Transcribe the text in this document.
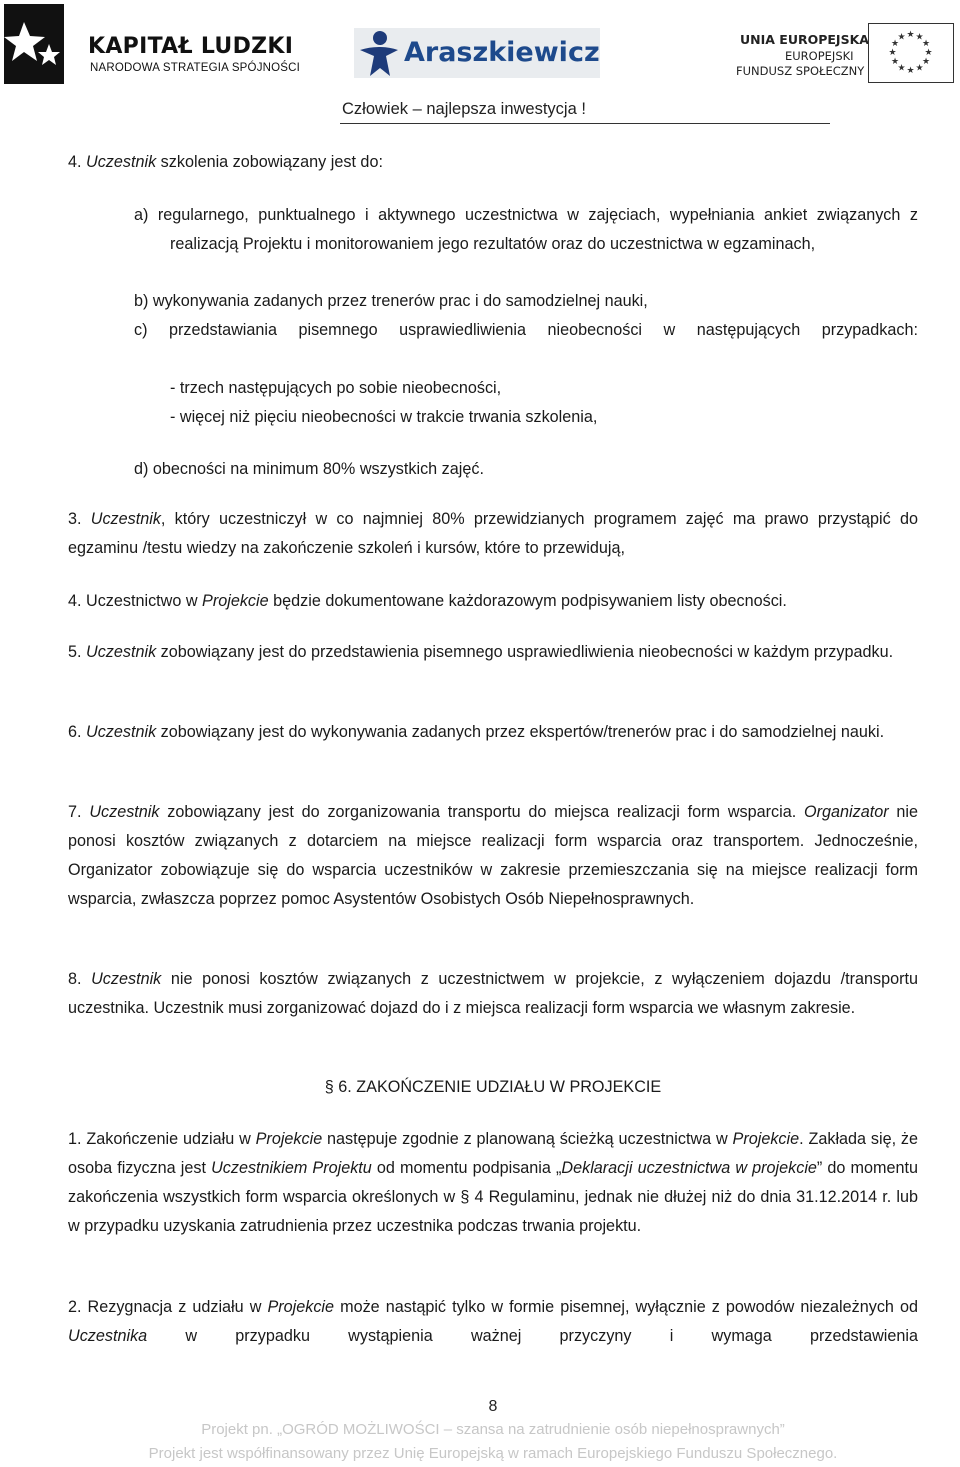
KAPITAŁ LUDZKI
NARODOWA STRATEGIA SPÓJNOŚCI	Araszkiewicz	UNIA EUROPEJSKA
EUROPEJSKI
FUNDUSZ SPOŁECZNY
★ ★
★
★
★
★
★
★
★
★
★
★
Człowiek – najlepsza inwestycja !
4. Uczestnik szkolenia zobowiązany jest do:
a) regularnego, punktualnego i aktywnego uczestnictwa w zajęciach, wypełniania ankiet związanych z realizacją Projektu i monitorowaniem jego rezultatów oraz do uczestnictwa w egzaminach,
b) wykonywania zadanych przez trenerów prac i do samodzielnej nauki,
c) przedstawiania pisemnego usprawiedliwienia nieobecności w następujących przypadkach:
- trzech następujących po sobie nieobecności,
- więcej niż pięciu nieobecności w trakcie trwania szkolenia,
d) obecności na minimum 80% wszystkich zajęć.
3. Uczestnik, który uczestniczył w co najmniej 80% przewidzianych programem zajęć ma prawo przystąpić do egzaminu /testu wiedzy na zakończenie szkoleń i kursów, które to przewidują,
4. Uczestnictwo w Projekcie będzie dokumentowane każdorazowym podpisywaniem listy obecności.
5. Uczestnik zobowiązany jest do przedstawienia pisemnego usprawiedliwienia nieobecności w każdym przypadku.
6. Uczestnik zobowiązany jest do wykonywania zadanych przez ekspertów/trenerów prac i do samodzielnej nauki.
7. Uczestnik zobowiązany jest do zorganizowania transportu do miejsca realizacji form wsparcia. Organizator nie ponosi kosztów związanych z dotarciem na miejsce realizacji form wsparcia oraz transportem. Jednocześnie, Organizator zobowiązuje się do wsparcia uczestników w zakresie przemieszczania się na miejsce realizacji form wsparcia, zwłaszcza poprzez pomoc Asystentów Osobistych Osób Niepełnosprawnych.
8. Uczestnik nie ponosi kosztów związanych z uczestnictwem w projekcie, z wyłączeniem dojazdu /transportu uczestnika. Uczestnik musi zorganizować dojazd do i z miejsca realizacji form wsparcia we własnym zakresie.
§ 6. ZAKOŃCZENIE UDZIAŁU W PROJEKCIE
1. Zakończenie udziału w Projekcie następuje zgodnie z planowaną ścieżką uczestnictwa w Projekcie. Zakłada się, że osoba fizyczna jest Uczestnikiem Projektu od momentu podpisania „Deklaracji uczestnictwa w projekcie” do momentu zakończenia wszystkich form wsparcia określonych w § 4 Regulaminu, jednak nie dłużej niż do dnia 31.12.2014 r. lub w przypadku uzyskania zatrudnienia przez uczestnika podczas trwania projektu.
2. Rezygnacja z udziału w Projekcie może nastąpić tylko w formie pisemnej, wyłącznie z powodów niezależnych od Uczestnika w przypadku wystąpienia ważnej przyczyny i wymaga przedstawienia
8
Projekt pn. „OGRÓD MOŻLIWOŚCI – szansa na zatrudnienie osób niepełnosprawnych”
Projekt jest współfinansowany przez Unię Europejską w ramach Europejskiego Funduszu Społecznego.
